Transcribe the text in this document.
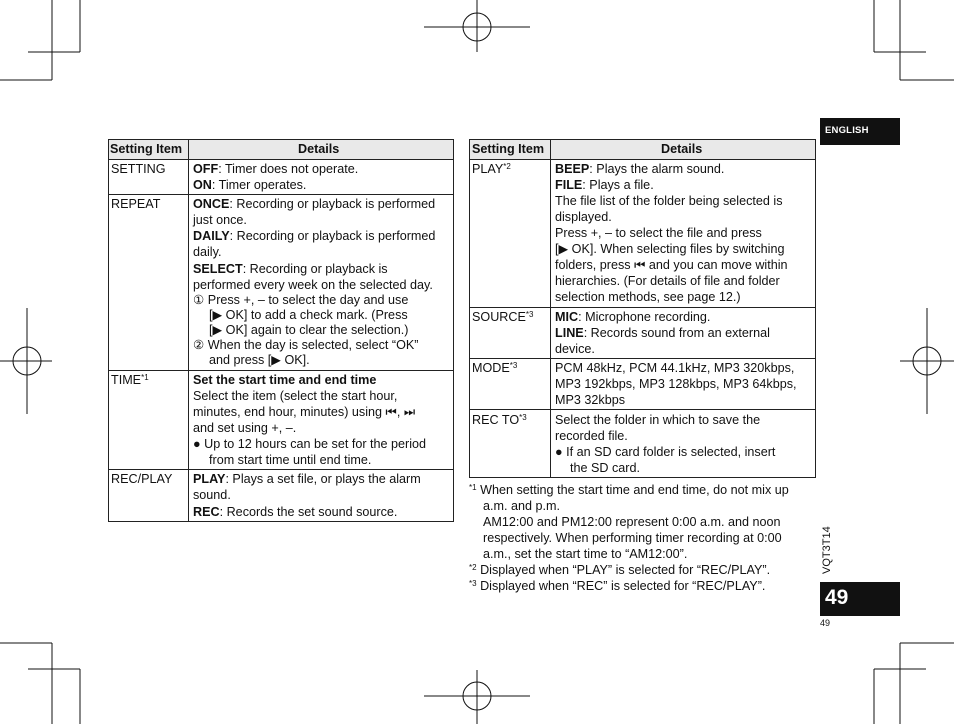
Setting Item	Details
SETTING OFF: Timer does not operate.
ON: Timer operates.
REPEAT	ONCE: Recording or playback is performed
just once.
DAILY: Recording or playback is performed
daily.
SELECT: Recording or playback is
performed every week on the selected day.
① Press +, – to select the day and use
[▶ OK] to add a check mark. (Press
[▶ OK] again to clear the selection.)
② When the day is selected, select “OK”
and press [▶ OK].
TIME$^{*1}$	Set the start time and end time
Select the item (select the start hour,
minutes, end hour, minutes) using ⏮, ⏭
and set using +, –.
● Up to 12 hours can be set for the period
from start time until end time.
REC/PLAY PLAY: Plays a set file, or plays the alarm
sound.
REC: Records the set sound source.
Setting Item	Details
PLAY$^{*2}$	BEEP: Plays the alarm sound.
FILE: Plays a file.
The file list of the folder being selected is
displayed.
Press +, – to select the file and press
[▶ OK]. When selecting files by switching
folders, press ⏮ and you can move within
hierarchies. (For details of file and folder
selection methods, see page 12.)
SOURCE$^{*3}$ MIC: Microphone recording.
LINE: Records sound from an external
device.
MODE$^{*3}$	PCM 48kHz, PCM 44.1kHz, MP3 320kbps,
MP3 192kbps, MP3 128kbps, MP3 64kbps,
MP3 32kbps
REC TO$^{*3}$ Select the folder in which to save the
recorded file.
● If an SD card folder is selected, insert
the SD card.
$^{*1}$ When setting the start time and end time, do not mix up
a.m. and p.m.
AM12:00 and PM12:00 represent 0:00 a.m. and noon
respectively. When performing timer recording at 0:00
a.m., set the start time to “AM12:00”.
$^{*2}$ Displayed when “PLAY” is selected for “REC/PLAY”.
$^{*3}$ Displayed when “REC” is selected for “REC/PLAY”.
ENGLISH
VQT3T14
49
49
